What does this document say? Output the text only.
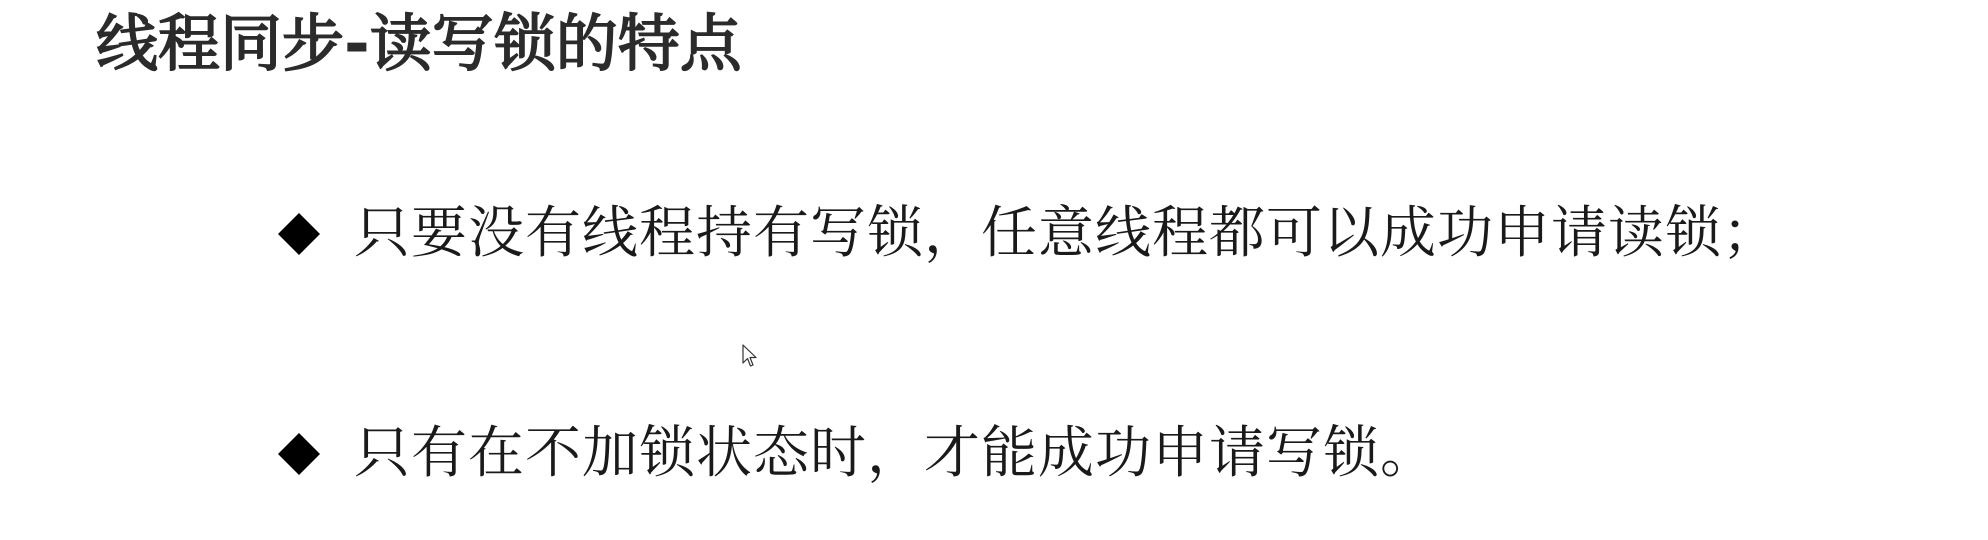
线程同步-读写锁的特点
只要没有线程持有写锁，任意线程都可以成功申请读锁；
只有在不加锁状态时，才能成功申请写锁。
